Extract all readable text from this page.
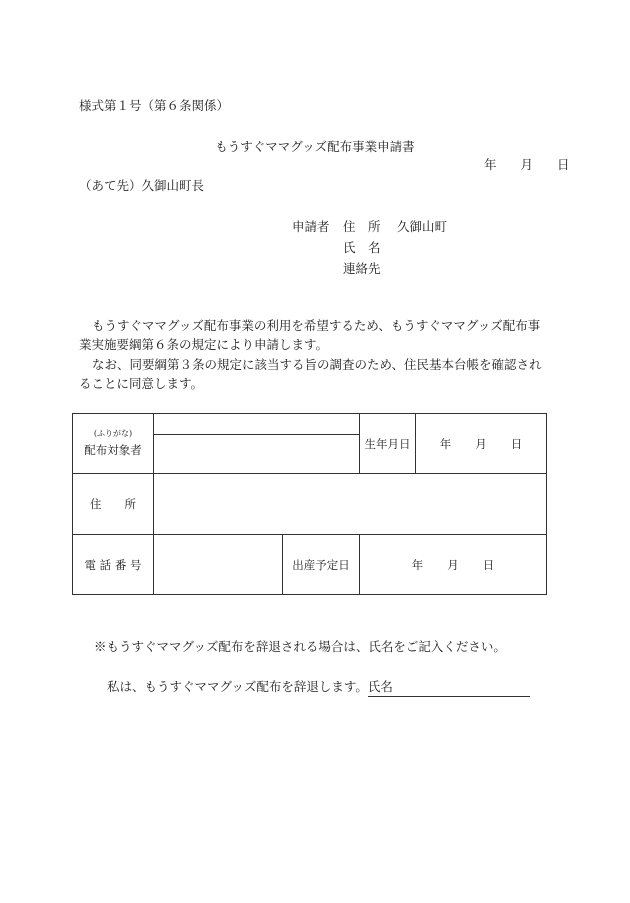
様式第１号（第６条関係）
もうすぐママグッズ配布事業申請書
年 月 日
（あて先）久御山町長
申請者	住　所	久御山町
氏　名
連絡先
もうすぐママグッズ配布事業の利用を希望するため、もうすぐママグッズ配布事業実施要綱第６条の規定により申請します。
なお、同要綱第３条の規定に該当する旨の調査のため、住民基本台帳を確認されることに同意します。
(ふりがな)
配布対象者			生年月日	年 月 日

住　　所				
電 話 番 号		出産予定日	年 月 日	
※もうすぐママグッズ配布を辞退される場合は、氏名をご記入ください。
私は、もうすぐママグッズ配布を辞退します。氏名
